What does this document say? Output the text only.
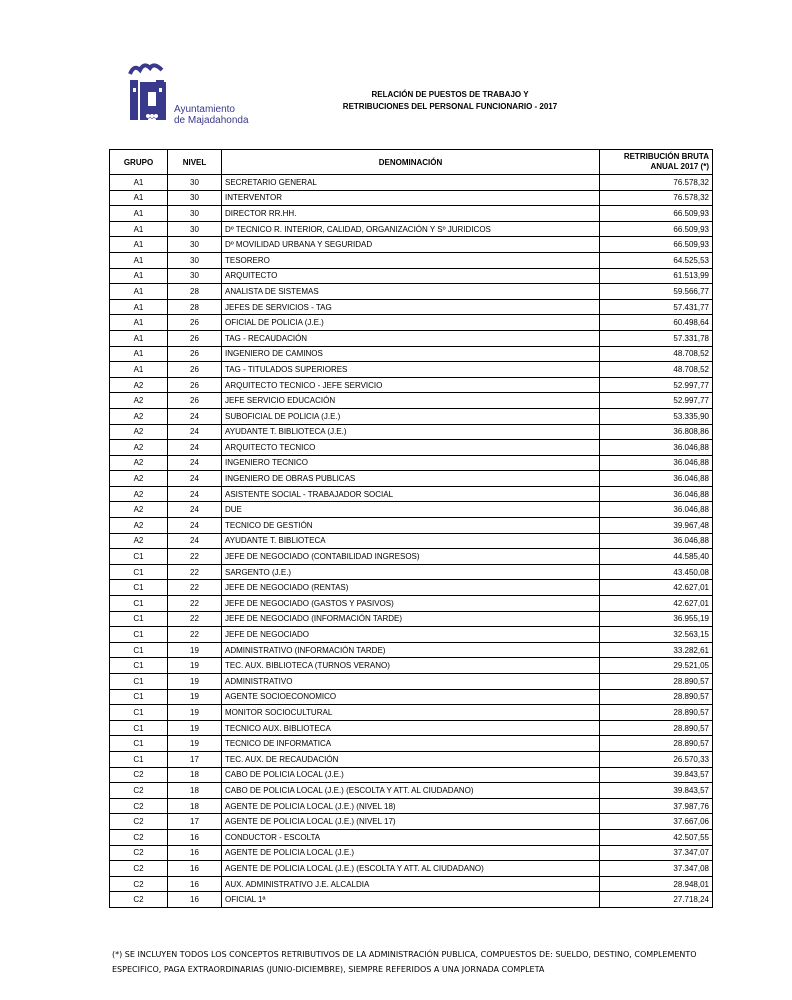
Ayuntamiento
de Majadahonda
RELACIÓN DE PUESTOS DE TRABAJO Y
RETRIBUCIONES DEL PERSONAL FUNCIONARIO - 2017
GRUPO	NIVEL	DENOMINACIÓN	RETRIBUCIÓN BRUTA
ANUAL 2017 (*)

A1	30	SECRETARIO GENERAL	76.578,32
A1	30	INTERVENTOR	76.578,32
A1	30	DIRECTOR RR.HH.	66.509,93
A1	30	Dº TECNICO R. INTERIOR, CALIDAD, ORGANIZACIÓN Y Sº JURIDICOS	66.509,93
A1	30	Dº MOVILIDAD URBANA Y SEGURIDAD	66.509,93
A1	30	TESORERO	64.525,53
A1	30	ARQUITECTO	61.513,99
A1	28	ANALISTA DE SISTEMAS	59.566,77
A1	28	JEFES DE SERVICIOS - TAG	57.431,77
A1	26	OFICIAL DE POLICIA (J.E.)	60.498,64
A1	26	TAG - RECAUDACIÓN	57.331,78
A1	26	INGENIERO DE CAMINOS	48.708,52
A1	26	TAG - TITULADOS SUPERIORES	48.708,52
A2	26	ARQUITECTO TECNICO - JEFE SERVICIO	52.997,77
A2	26	JEFE SERVICIO EDUCACIÓN	52.997,77
A2	24	SUBOFICIAL DE POLICIA (J.E.)	53.335,90
A2	24	AYUDANTE T. BIBLIOTECA (J.E.)	36.808,86
A2	24	ARQUITECTO TECNICO	36.046,88
A2	24	INGENIERO TECNICO	36.046,88
A2	24	INGENIERO DE OBRAS PUBLICAS	36.046,88
A2	24	ASISTENTE SOCIAL - TRABAJADOR SOCIAL	36.046,88
A2	24	DUE	36.046,88
A2	24	TECNICO DE GESTIÓN	39.967,48
A2	24	AYUDANTE T. BIBLIOTECA	36.046,88
C1	22	JEFE DE NEGOCIADO (CONTABILIDAD INGRESOS)	44.585,40
C1	22	SARGENTO (J.E.)	43.450,08
C1	22	JEFE DE NEGOCIADO (RENTAS)	42.627,01
C1	22	JEFE DE NEGOCIADO (GASTOS Y PASIVOS)	42.627,01
C1	22	JEFE DE NEGOCIADO (INFORMACIÓN TARDE)	36.955,19
C1	22	JEFE DE NEGOCIADO	32.563,15
C1	19	ADMINISTRATIVO (INFORMACIÓN TARDE)	33.282,61
C1	19	TEC. AUX. BIBLIOTECA (TURNOS VERANO)	29.521,05
C1	19	ADMINISTRATIVO	28.890,57
C1	19	AGENTE SOCIOECONOMICO	28.890,57
C1	19	MONITOR SOCIOCULTURAL	28.890,57
C1	19	TECNICO AUX. BIBLIOTECA	28.890,57
C1	19	TECNICO DE INFORMATICA	28.890,57
C1	17	TEC. AUX. DE RECAUDACIÓN	26.570,33
C2	18	CABO DE POLICIA LOCAL (J.E.)	39.843,57
C2	18	CABO DE POLICIA LOCAL (J.E.) (ESCOLTA Y ATT. AL CIUDADANO)	39.843,57
C2	18	AGENTE DE POLICIA LOCAL (J.E.) (NIVEL 18)	37.987,76
C2	17	AGENTE DE POLICIA LOCAL (J.E.) (NIVEL 17)	37.667,06
C2	16	CONDUCTOR - ESCOLTA	42.507,55
C2	16	AGENTE DE POLICIA LOCAL (J.E.)	37.347,07
C2	16	AGENTE DE POLICIA LOCAL (J.E.) (ESCOLTA Y ATT. AL CIUDADANO)	37.347,08
C2	16	AUX. ADMINISTRATIVO J.E. ALCALDIA	28.948,01
C2	16	OFICIAL 1ª	27.718,24
(*) SE INCLUYEN TODOS LOS CONCEPTOS RETRIBUTIVOS DE LA ADMINISTRACIÓN PUBLICA, COMPUESTOS DE: SUELDO, DESTINO, COMPLEMENTO
ESPECIFICO, PAGA EXTRAORDINARIAS (JUNIO-DICIEMBRE), SIEMPRE REFERIDOS A UNA JORNADA COMPLETA
